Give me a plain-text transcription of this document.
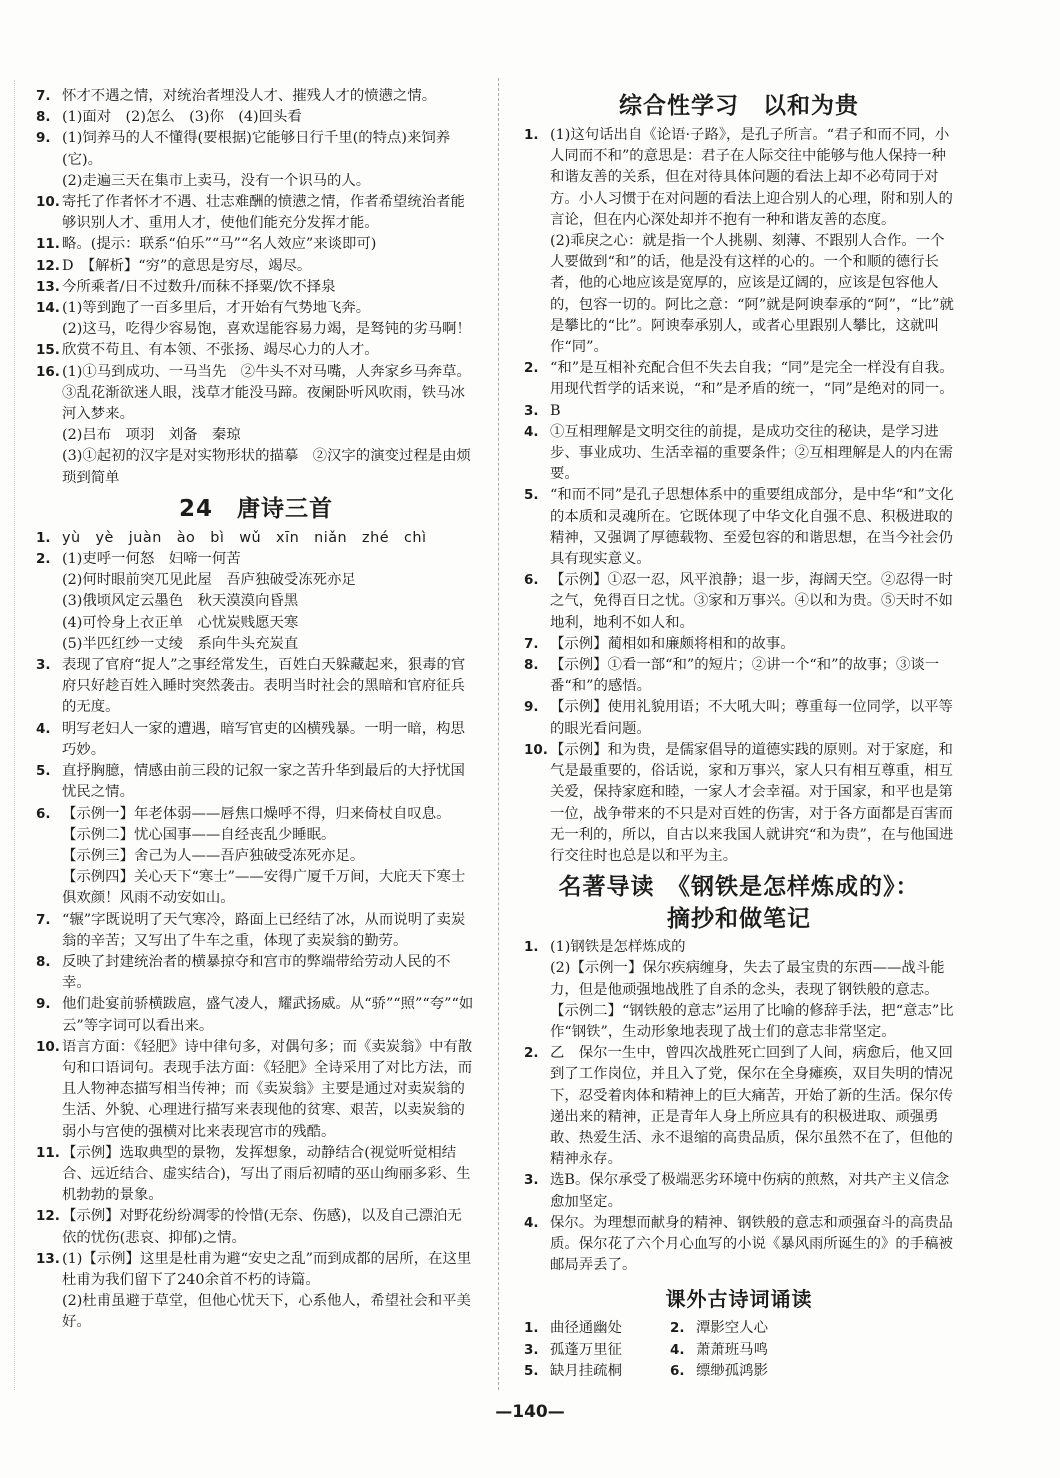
7. 怀才不遇之情，对统治者埋没人才、摧残人才的愤懑之情。

8. (1)面对　(2)怎么　(3)你　(4)回头看

9. (1)饲养马的人不懂得(要根据)它能够日行千里(的特点)来饲养(它)。

(2)走遍三天在集市上卖马，没有一个识马的人。

10. 寄托了作者怀才不遇、壮志难酬的愤懑之情，作者希望统治者能够识别人才、重用人才，使他们能充分发挥才能。

11. 略。(提示：联系“伯乐”“马”“名人效应”来谈即可)

12. D　【解析】“穷”的意思是穷尽，竭尽。

13. 今所乘者/日不过数升/而秣不择粟/饮不择泉

14. (1)等到跑了一百多里后，才开始有气势地飞奔。

(2)这马，吃得少容易饱，喜欢逞能容易力竭，是驽钝的劣马啊！

15. 欣赏不苟且、有本领、不张扬、竭尽心力的人才。

16. (1)①马到成功、一马当先　②牛头不对马嘴，人奔家乡马奔草。③乱花渐欲迷人眼，浅草才能没马蹄。夜阑卧听风吹雨，铁马冰河入梦来。

(2)吕布　项羽　刘备　秦琼

(3)①起初的汉字是对实物形状的描摹　②汉字的演变过程是由烦琐到简单

24　唐诗三首
1. yù　yè　juàn　ào　bì　wǔ　xīn　niǎn　zhé　chì

2. (1)吏呼一何怒　妇啼一何苦

(2)何时眼前突兀见此屋　吾庐独破受冻死亦足

(3)俄顷风定云墨色　秋天漠漠向昏黑

(4)可怜身上衣正单　心忧炭贱愿天寒

(5)半匹红纱一丈绫　系向牛头充炭直

3. 表现了官府“捉人”之事经常发生，百姓白天躲藏起来，狠毒的官府只好趁百姓入睡时突然袭击。表明当时社会的黑暗和官府征兵的无度。

4. 明写老妇人一家的遭遇，暗写官吏的凶横残暴。一明一暗，构思巧妙。

5. 直抒胸臆，情感由前三段的记叙一家之苦升华到最后的大抒忧国忧民之情。

6. 【示例一】年老体弱——唇焦口燥呼不得，归来倚杖自叹息。

【示例二】忧心国事——自经丧乱少睡眠。

【示例三】舍己为人——吾庐独破受冻死亦足。

【示例四】关心天下“寒士”——安得广厦千万间，大庇天下寒士俱欢颜！风雨不动安如山。

7. “辗”字既说明了天气寒冷，路面上已经结了冰，从而说明了卖炭翁的辛苦；又写出了牛车之重，体现了卖炭翁的勤劳。

8. 反映了封建统治者的横暴掠夺和宫市的弊端带给劳动人民的不幸。

9. 他们赴宴前骄横跋扈，盛气凌人，耀武扬威。从“骄”“照”“夸”“如云”等字词可以看出来。

10. 语言方面：《轻肥》诗中律句多，对偶句多；而《卖炭翁》中有散句和口语词句。表现手法方面：《轻肥》全诗采用了对比方法，而且人物神态描写相当传神；而《卖炭翁》主要是通过对卖炭翁的生活、外貌、心理进行描写来表现他的贫寒、艰苦，以卖炭翁的弱小与宫使的强横对比来表现宫市的残酷。

11. 【示例】选取典型的景物，发挥想象，动静结合(视觉听觉相结合、远近结合、虚实结合)，写出了雨后初晴的巫山绚丽多彩、生机勃勃的景象。

12. 【示例】对野花纷纷凋零的怜惜(无奈、伤感)，以及自己漂泊无依的忧伤(悲哀、抑郁)之情。

13. (1)【示例】这里是杜甫为避“安史之乱”而到成都的居所，在这里杜甫为我们留下了240余首不朽的诗篇。

(2)杜甫虽避于草堂，但他心忧天下，心系他人，希望社会和平美好。

综合性学习　以和为贵
1. (1)这句话出自《论语·子路》，是孔子所言。“君子和而不同，小人同而不和”的意思是：君子在人际交往中能够与他人保持一种和谐友善的关系，但在对待具体问题的看法上却不必苟同于对方。小人习惯于在对问题的看法上迎合别人的心理，附和别人的言论，但在内心深处却并不抱有一种和谐友善的态度。

(2)乖戾之心：就是指一个人挑剔、刻薄、不跟别人合作。一个人要做到“和”的话，他是没有这样的心的。一个和顺的德行长者，他的心地应该是宽厚的，应该是辽阔的，应该是包容他人的，包容一切的。阿比之意：“阿”就是阿谀奉承的“阿”，“比”就是攀比的“比”。阿谀奉承别人，或者心里跟别人攀比，这就叫作“同”。

2. “和”是互相补充配合但不失去自我；“同”是完全一样没有自我。用现代哲学的话来说，“和”是矛盾的统一，“同”是绝对的同一。

3. B

4. ①互相理解是文明交往的前提，是成功交往的秘诀，是学习进步、事业成功、生活幸福的重要条件；②互相理解是人的内在需要。

5. “和而不同”是孔子思想体系中的重要组成部分，是中华“和”文化的本质和灵魂所在。它既体现了中华文化自强不息、积极进取的精神，又强调了厚德载物、至爱包容的和谐思想，在当今社会仍具有现实意义。

6. 【示例】①忍一忍，风平浪静；退一步，海阔天空。②忍得一时之气，免得百日之忧。③家和万事兴。④以和为贵。⑤天时不如地利，地利不如人和。

7. 【示例】蔺相如和廉颇将相和的故事。

8. 【示例】①看一部“和”的短片；②讲一个“和”的故事；③谈一番“和”的感悟。

9. 【示例】使用礼貌用语；不大吼大叫；尊重每一位同学，以平等的眼光看问题。

10. 【示例】和为贵，是儒家倡导的道德实践的原则。对于家庭，和气是最重要的，俗话说，家和万事兴，家人只有相互尊重，相互关爱，保持家庭和睦，一家人才会幸福。对于国家，和平也是第一位，战争带来的不只是对百姓的伤害，对于各方面都是百害而无一利的，所以，自古以来我国人就讲究“和为贵”，在与他国进行交往时也总是以和平为主。

名著导读　《钢铁是怎样炼成的》：
摘抄和做笔记
1. (1)钢铁是怎样炼成的

(2)【示例一】保尔疾病缠身，失去了最宝贵的东西——战斗能力，但是他顽强地战胜了自杀的念头，表现了钢铁般的意志。

【示例二】“钢铁般的意志”运用了比喻的修辞手法，把“意志”比作“钢铁”，生动形象地表现了战士们的意志非常坚定。

2. 乙　保尔一生中，曾四次战胜死亡回到了人间，病愈后，他又回到了工作岗位，并且入了党，保尔在全身瘫痪，双目失明的情况下，忍受着肉体和精神上的巨大痛苦，开始了新的生活。保尔传递出来的精神，正是青年人身上所应具有的积极进取、顽强勇敢、热爱生活、永不退缩的高贵品质，保尔虽然不在了，但他的精神永存。

3. 选B。保尔承受了极端恶劣环境中伤病的煎熬，对共产主义信念愈加坚定。

4. 保尔。为理想而献身的精神、钢铁般的意志和顽强奋斗的高贵品质。保尔花了六个月心血写的小说《暴风雨所诞生的》的手稿被邮局弄丢了。

课外古诗词诵读
1. 曲径通幽处	2. 潭影空人心
3. 孤蓬万里征	4. 萧萧班马鸣
5. 缺月挂疏桐	6. 缥缈孤鸿影
—140—
